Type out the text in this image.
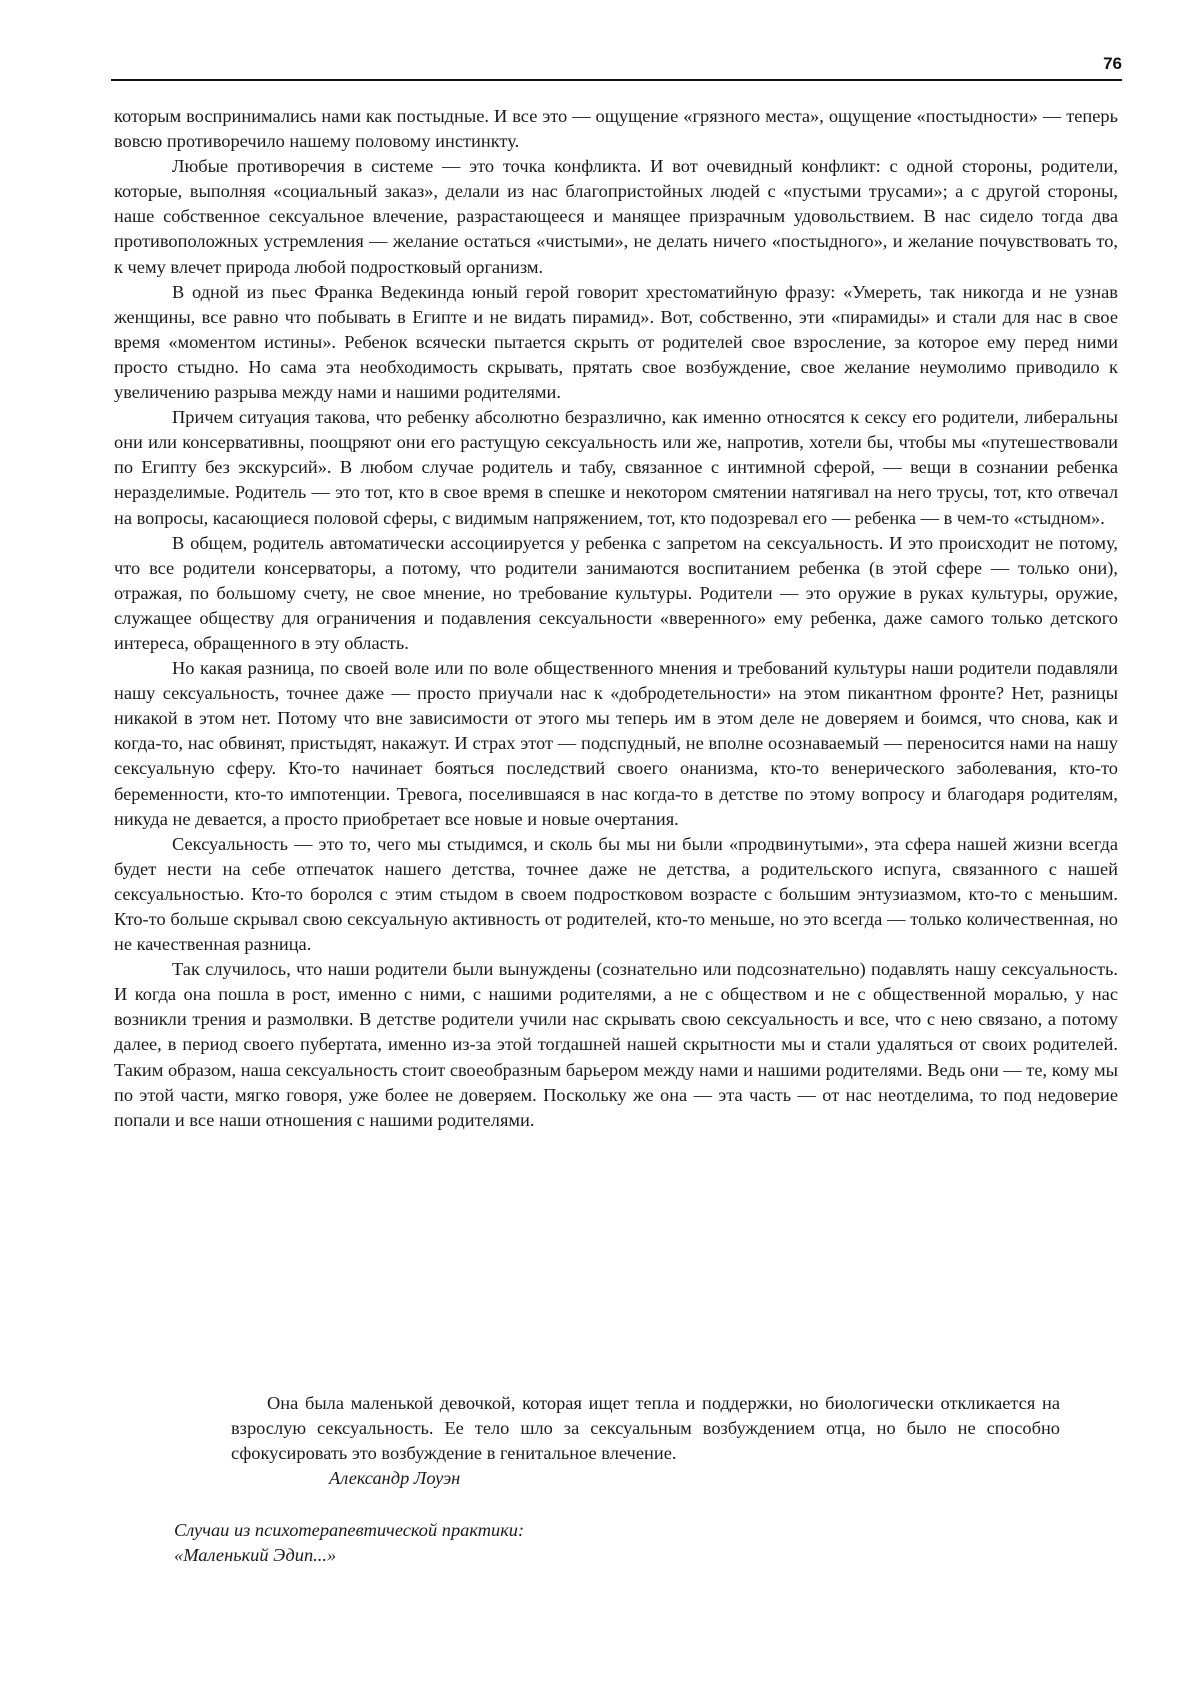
76

которым воспринимались нами как постыдные. И все это — ощущение «грязного места», ощущение «постыдности» — теперь вовсю противоречило нашему половому инстинкту.

Любые противоречия в системе — это точка конфликта. И вот очевидный конфликт: с одной стороны, родители, которые, выполняя «социальный заказ», делали из нас благопристойных людей с «пустыми трусами»; а с другой стороны, наше собственное сексуальное влечение, разрастающееся и манящее призрачным удовольствием. В нас сидело тогда два противоположных устремления — желание остаться «чистыми», не делать ничего «постыдного», и желание почувствовать то, к чему влечет природа любой подростковый организм.

В одной из пьес Франка Ведекинда юный герой говорит хрестоматийную фразу: «Умереть, так никогда и не узнав женщины, все равно что побывать в Египте и не видать пирамид». Вот, собственно, эти «пирамиды» и стали для нас в свое время «моментом истины». Ребенок всячески пытается скрыть от родителей свое взросление, за которое ему перед ними просто стыдно. Но сама эта необходимость скрывать, прятать свое возбуждение, свое желание неумолимо приводило к увеличению разрыва между нами и нашими родителями.

Причем ситуация такова, что ребенку абсолютно безразлично, как именно относятся к сексу его родители, либеральны они или консервативны, поощряют они его растущую сексуальность или же, напротив, хотели бы, чтобы мы «путешествовали по Египту без экскурсий». В любом случае родитель и табу, связанное с интимной сферой, — вещи в сознании ребенка неразделимые. Родитель — это тот, кто в свое время в спешке и некотором смятении натягивал на него трусы, тот, кто отвечал на вопросы, касающиеся половой сферы, с видимым напряжением, тот, кто подозревал его — ребенка — в чем-то «стыдном».

В общем, родитель автоматически ассоциируется у ребенка с запретом на сексуальность. И это происходит не потому, что все родители консерваторы, а потому, что родители занимаются воспитанием ребенка (в этой сфере — только они), отражая, по большому счету, не свое мнение, но требование культуры. Родители — это оружие в руках культуры, оружие, служащее обществу для ограничения и подавления сексуальности «вверенного» ему ребенка, даже самого только детского интереса, обращенного в эту область.

Но какая разница, по своей воле или по воле общественного мнения и требований культуры наши родители подавляли нашу сексуальность, точнее даже — просто приучали нас к «добродетельности» на этом пикантном фронте? Нет, разницы никакой в этом нет. Потому что вне зависимости от этого мы теперь им в этом деле не доверяем и боимся, что снова, как и когда-то, нас обвинят, пристыдят, накажут. И страх этот — подспудный, не вполне осознаваемый — переносится нами на нашу сексуальную сферу. Кто-то начинает бояться последствий своего онанизма, кто-то венерического заболевания, кто-то беременности, кто-то импотенции. Тревога, поселившаяся в нас когда-то в детстве по этому вопросу и благодаря родителям, никуда не девается, а просто приобретает все новые и новые очертания.

Сексуальность — это то, чего мы стыдимся, и сколь бы мы ни были «продвинутыми», эта сфера нашей жизни всегда будет нести на себе отпечаток нашего детства, точнее даже не детства, а родительского испуга, связанного с нашей сексуальностью. Кто-то боролся с этим стыдом в своем подростковом возрасте с большим энтузиазмом, кто-то с меньшим. Кто-то больше скрывал свою сексуальную активность от родителей, кто-то меньше, но это всегда — только количественная, но не качественная разница.

Так случилось, что наши родители были вынуждены (сознательно или подсознательно) подавлять нашу сексуальность. И когда она пошла в рост, именно с ними, с нашими родителями, а не с обществом и не с общественной моралью, у нас возникли трения и размолвки. В детстве родители учили нас скрывать свою сексуальность и все, что с нею связано, а потому далее, в период своего пубертата, именно из-за этой тогдашней нашей скрытности мы и стали удаляться от своих родителей. Таким образом, наша сексуальность стоит своеобразным барьером между нами и нашими родителями. Ведь они — те, кому мы по этой части, мягко говоря, уже более не доверяем. Поскольку же она — эта часть — от нас неотделима, то под недоверие попали и все наши отношения с нашими родителями.

Она была маленькой девочкой, которая ищет тепла и поддержки, но биологически откликается на взрослую сексуальность. Ее тело шло за сексуальным возбуждением отца, но было не способно сфокусировать это возбуждение в генитальное влечение.

Александр Лоуэн

Случаи из психотерапевтической практики:
«Маленький Эдип...»
